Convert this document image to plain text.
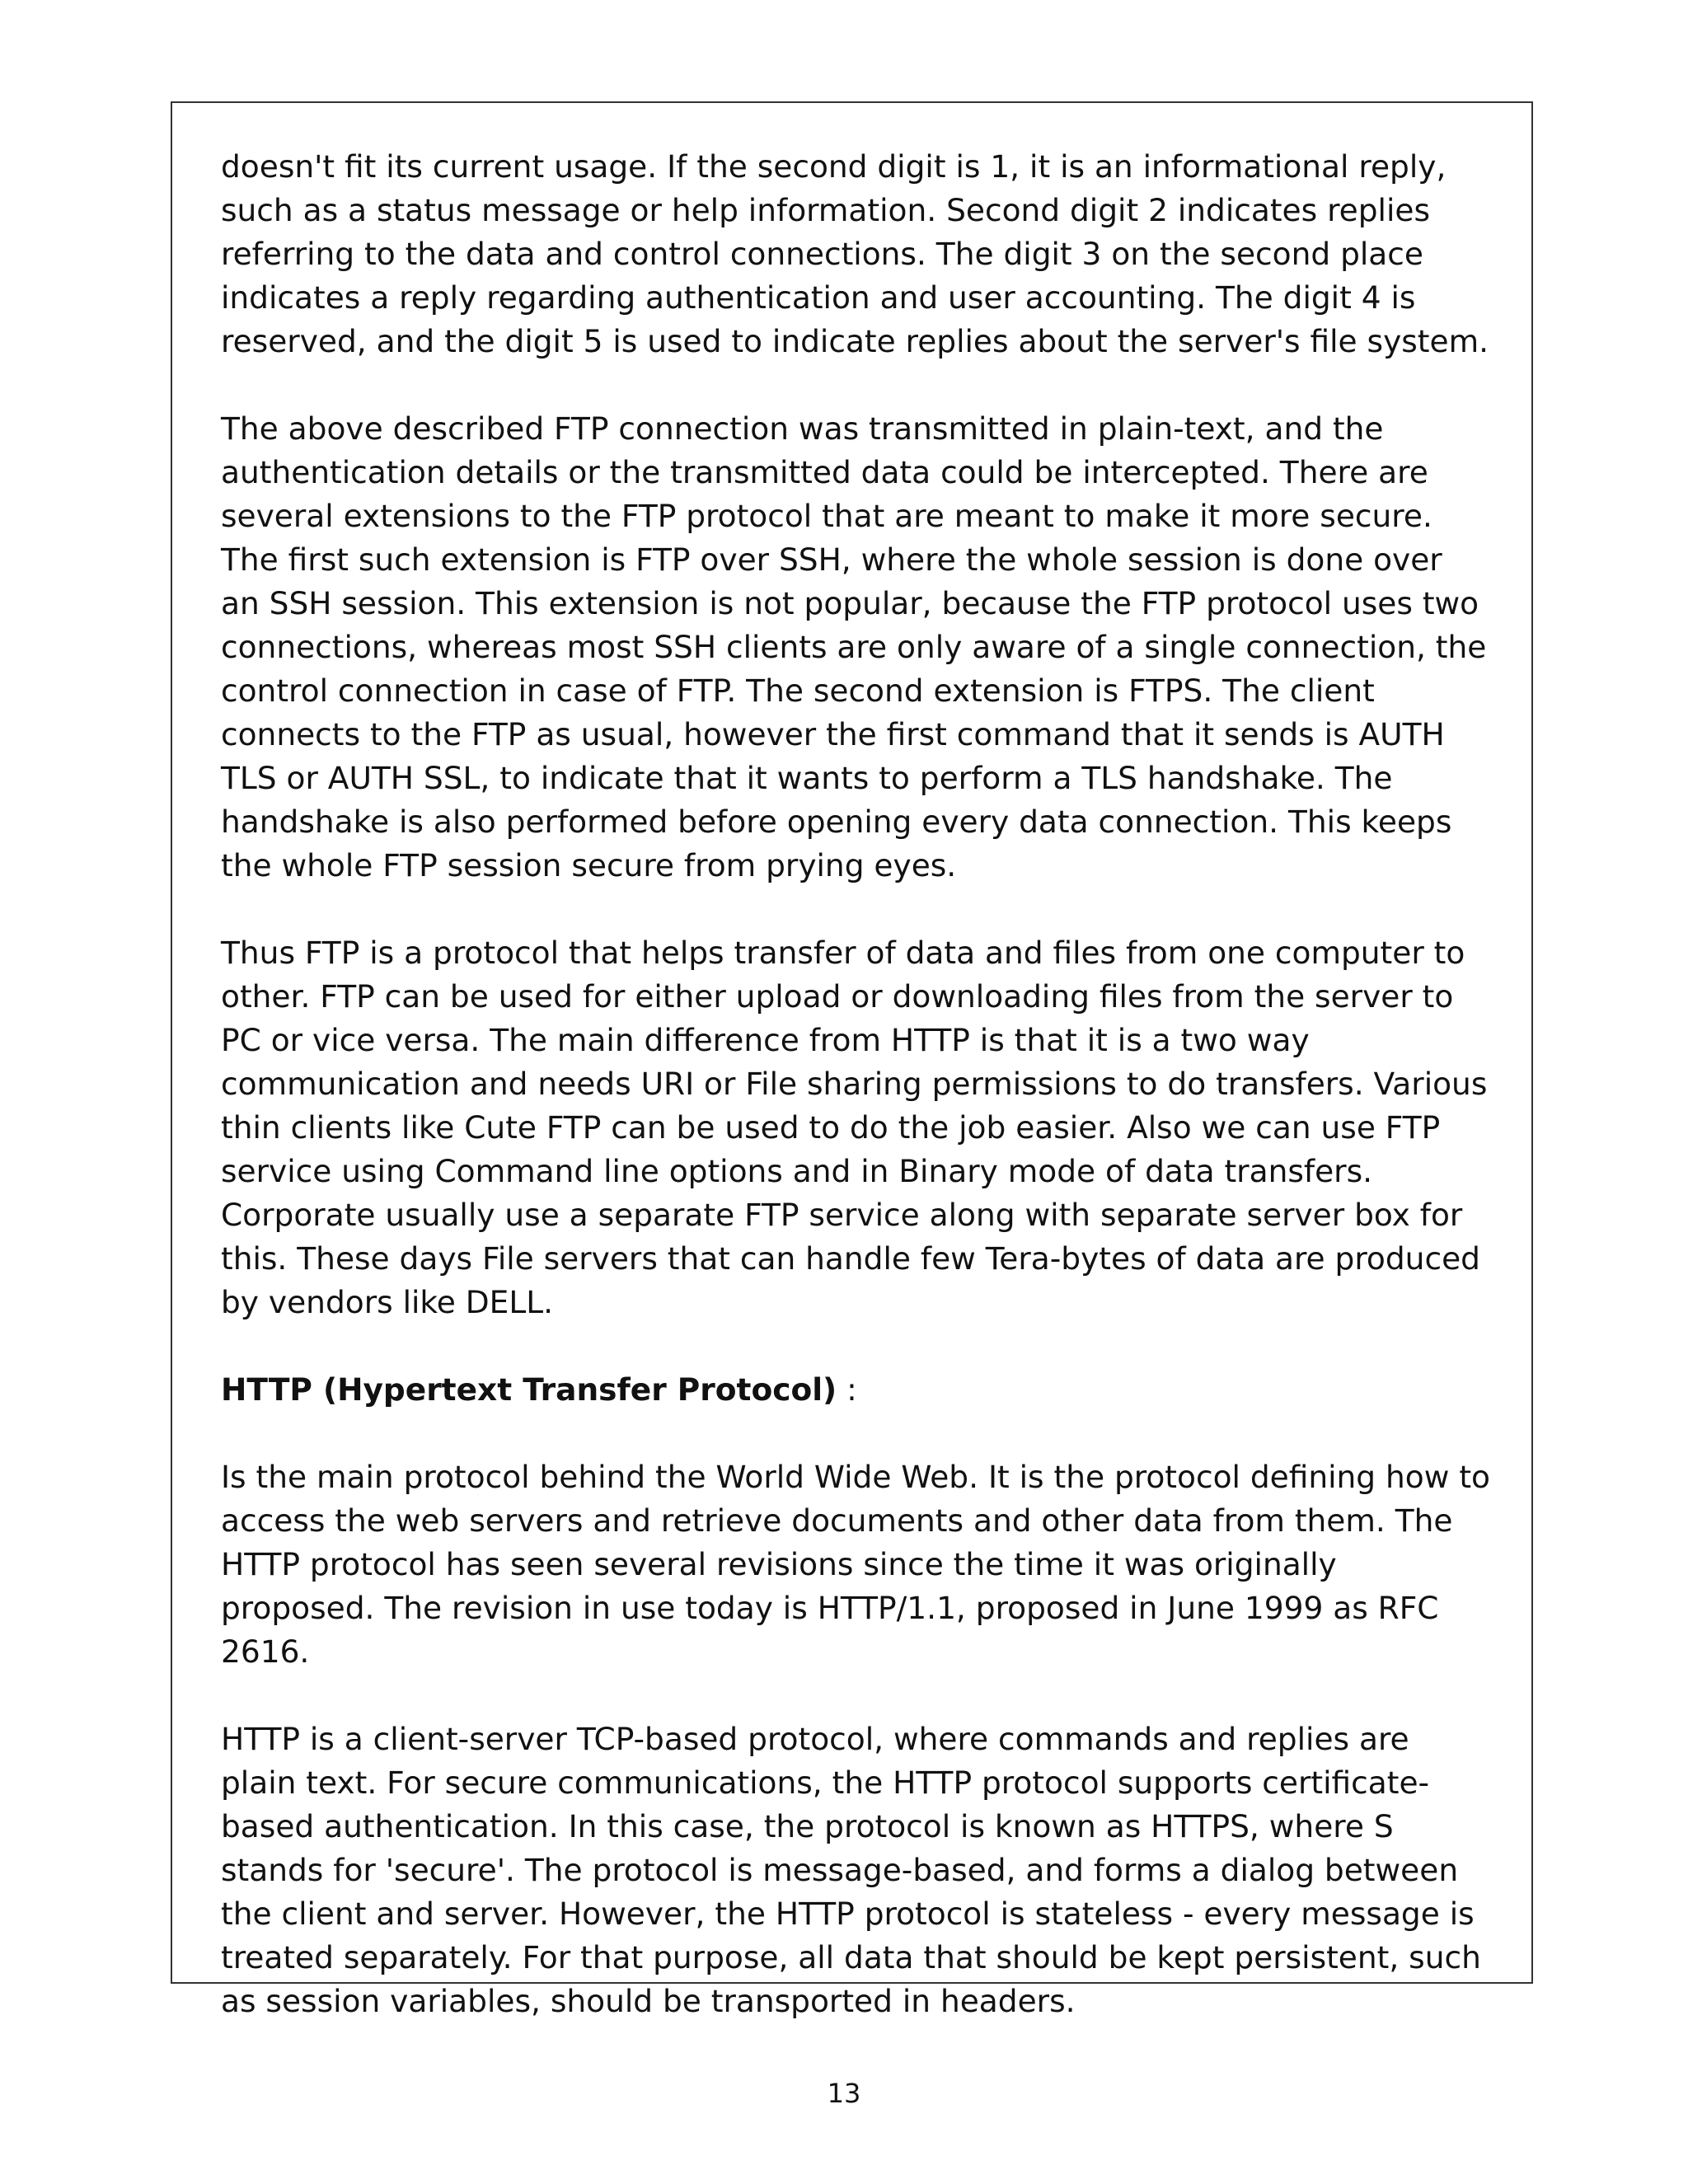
doesn't fit its current usage. If the second digit is 1, it is an informational reply, such as a status message or help information. Second digit 2 indicates replies referring to the data and control connections. The digit 3 on the second place indicates a reply regarding authentication and user accounting. The digit 4 is reserved, and the digit 5 is used to indicate replies about the server's file system.

The above described FTP connection was transmitted in plain-text, and the authentication details or the transmitted data could be intercepted. There are several extensions to the FTP protocol that are meant to make it more secure. The first such extension is FTP over SSH, where the whole session is done over an SSH session. This extension is not popular, because the FTP protocol uses two connections, whereas most SSH clients are only aware of a single connection, the control connection in case of FTP. The second extension is FTPS. The client connects to the FTP as usual, however the first command that it sends is AUTH TLS or AUTH SSL, to indicate that it wants to perform a TLS handshake. The handshake is also performed before opening every data connection. This keeps the whole FTP session secure from prying eyes.

Thus FTP is a protocol that helps transfer of data and files from one computer to other. FTP can be used for either upload or downloading files from the server to PC or vice versa. The main difference from HTTP is that it is a two way communication and needs URI or File sharing permissions to do transfers. Various thin clients like Cute FTP can be used to do the job easier. Also we can use FTP service using Command line options and in Binary mode of data transfers. Corporate usually use a separate FTP service along with separate server box for this. These days File servers that can handle few Tera-bytes of data are produced by vendors like DELL.

HTTP (Hypertext Transfer Protocol) :

Is the main protocol behind the World Wide Web. It is the protocol defining how to access the web servers and retrieve documents and other data from them. The HTTP protocol has seen several revisions since the time it was originally proposed. The revision in use today is HTTP/1.1, proposed in June 1999 as RFC 2616.

HTTP is a client-server TCP-based protocol, where commands and replies are plain text. For secure communications, the HTTP protocol supports certificate-based authentication. In this case, the protocol is known as HTTPS, where S stands for 'secure'. The protocol is message-based, and forms a dialog between the client and server. However, the HTTP protocol is stateless - every message is treated separately. For that purpose, all data that should be kept persistent, such as session variables, should be transported in headers.

13
